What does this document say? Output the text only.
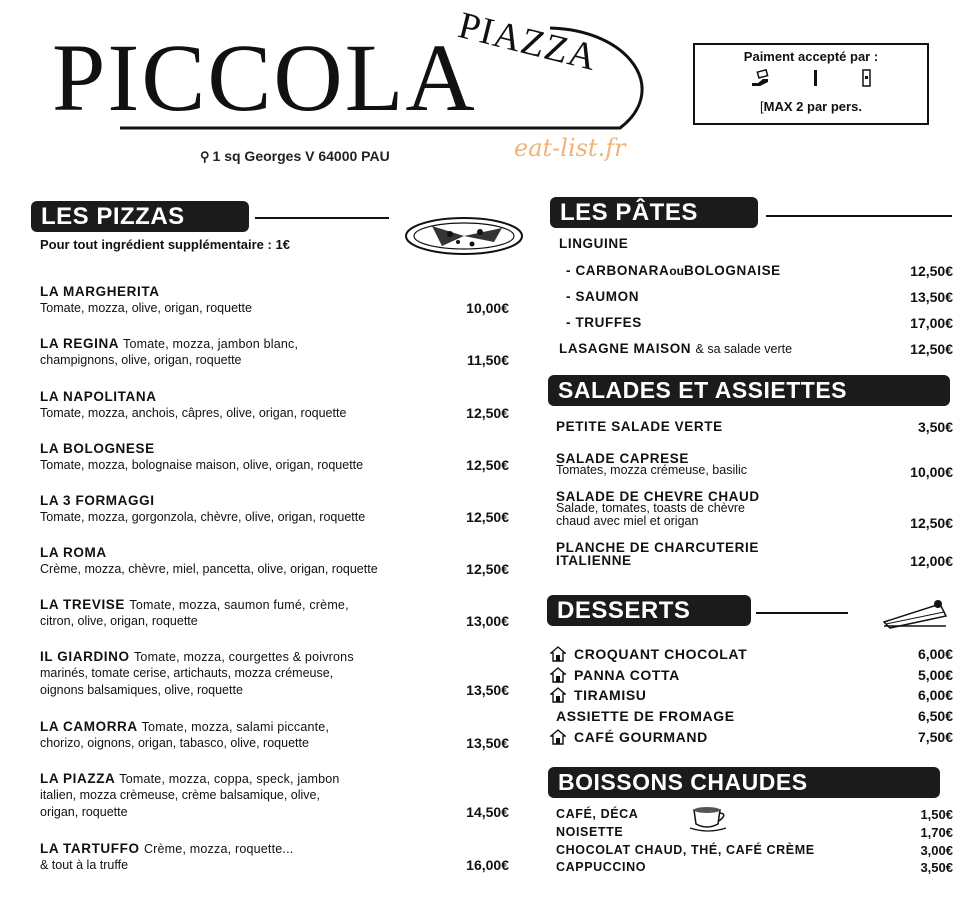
PIAZZA
PICCOLA
⚲ 1 sq Georges V 64000 PAU	eat-list.fr
Paiment accepté par :
[MAX 2 par pers.
LES PIZZAS
Pour tout ingrédient supplémentaire : 1€
LA MARGHERITA
Tomate, mozza, olive, origan, roquette	10,00€
LA REGINA Tomate, mozza, jambon blanc,
champignons, olive, origan, roquette	11,50€
LA NAPOLITANA
Tomate, mozza, anchois, câpres, olive, origan, roquette	12,50€
LA BOLOGNESE
Tomate, mozza, bolognaise maison, olive, origan, roquette	12,50€
LA 3 FORMAGGI
Tomate, mozza, gorgonzola, chèvre, olive, origan, roquette	12,50€
LA ROMA
Crème, mozza, chèvre, miel, pancetta, olive, origan, roquette	12,50€
LA TREVISE Tomate, mozza, saumon fumé, crème,
citron, olive, origan, roquette	13,00€
IL GIARDINO Tomate, mozza, courgettes & poivrons
marinés, tomate cerise, artichauts, mozza crémeuse,
oignons balsamiques, olive, roquette	13,50€
LA CAMORRA Tomate, mozza, salami piccante,
chorizo, oignons, origan, tabasco, olive, roquette	13,50€
LA PIAZZA Tomate, mozza, coppa, speck, jambon
italien, mozza crèmeuse, crème balsamique, olive,
origan, roquette	14,50€
LA TARTUFFO Crème, mozza, roquette...
& tout à la truffe	16,00€
LES PÂTES
LINGUINE
- CARBONARAouBOLOGNAISE	12,50€
- SAUMON	13,50€
- TRUFFES	17,00€
LASAGNE MAISON & sa salade verte	12,50€
SALADES ET ASSIETTES
PETITE SALADE VERTE	3,50€
SALADE CAPRESE
Tomates, mozza crémeuse, basilic	10,00€
SALADE DE CHEVRE CHAUD
Salade, tomates, toasts de chèvre
chaud avec miel et origan	12,50€
PLANCHE DE CHARCUTERIE
ITALIENNE	12,00€
DESSERTS
CROQUANT CHOCOLAT	6,00€
PANNA COTTA	5,00€
TIRAMISU	6,00€
ASSIETTE DE FROMAGE	6,50€
CAFÉ GOURMAND	7,50€
BOISSONS CHAUDES
CAFÉ, DÉCA	1,50€
NOISETTE	1,70€
CHOCOLAT CHAUD, THÉ, CAFÉ CRÈME	3,00€
CAPPUCCINO	3,50€
